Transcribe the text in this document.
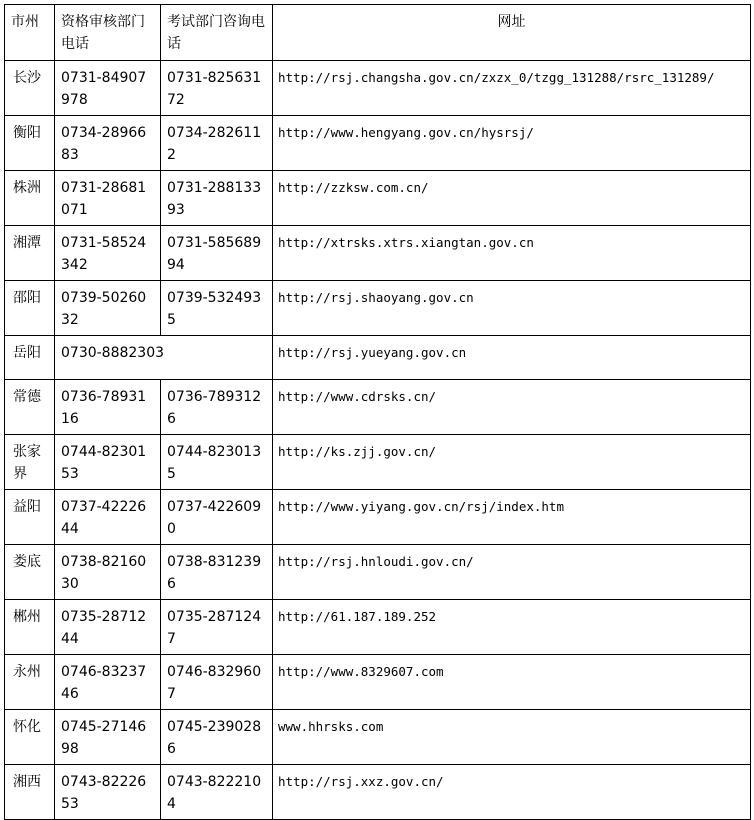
市州	资格审核部门电话	考试部门咨询电话	网址
长沙	0731-84907978	0731-82563172	http://rsj.changsha.gov.cn/zxzx_0/tzgg_131288/rsrc_131289/
衡阳	0734-2896683	0734-2826112	http://www.hengyang.gov.cn/hysrsj/
株洲	0731-28681071	0731-28813393	http://zzksw.com.cn/
湘潭	0731-58524342	0731-58568994	http://xtrsks.xtrs.xiangtan.gov.cn
邵阳	0739-5026032	0739-5324935	http://rsj.shaoyang.gov.cn
岳阳	0730-8882303		http://rsj.yueyang.gov.cn
常德	0736-7893116	0736-7893126	http://www.cdrsks.cn/
张家界	0744-8230153	0744-8230135	http://ks.zjj.gov.cn/
益阳	0737-4222644	0737-4226090	http://www.yiyang.gov.cn/rsj/index.htm
娄底	0738-8216030	0738-8312396	http://rsj.hnloudi.gov.cn/
郴州	0735-2871244	0735-2871247	http://61.187.189.252
永州	0746-8323746	0746-8329607	http://www.8329607.com
怀化	0745-2714698	0745-2390286	www.hhrsks.com
湘西	0743-8222653	0743-8222104	http://rsj.xxz.gov.cn/
